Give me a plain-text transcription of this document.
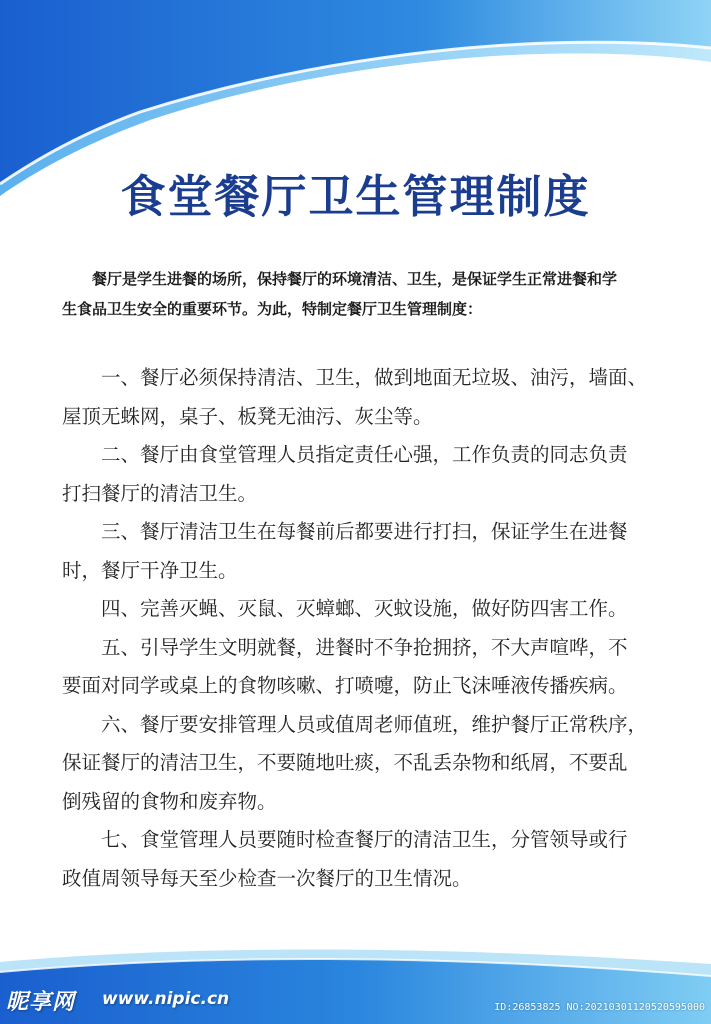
食堂餐厅卫生管理制度

餐厅是学生进餐的场所，保持餐厅的环境清洁、卫生，是保证学生正常进餐和学
生食品卫生安全的重要环节。为此，特制定餐厅卫生管理制度：

　　一、餐厅必须保持清洁、卫生，做到地面无垃圾、油污，墙面、
屋顶无蛛网，桌子、板凳无油污、灰尘等。
　　二、餐厅由食堂管理人员指定责任心强，工作负责的同志负责
打扫餐厅的清洁卫生。
　　三、餐厅清洁卫生在每餐前后都要进行打扫，保证学生在进餐
时，餐厅干净卫生。
　　四、完善灭蝇、灭鼠、灭蟑螂、灭蚊设施，做好防四害工作。
　　五、引导学生文明就餐，进餐时不争抢拥挤，不大声喧哗，不
要面对同学或桌上的食物咳嗽、打喷嚏，防止飞沫唾液传播疾病。
　　六、餐厅要安排管理人员或值周老师值班，维护餐厅正常秩序，
保证餐厅的清洁卫生，不要随地吐痰，不乱丢杂物和纸屑，不要乱
倒残留的食物和废弃物。
　　七、食堂管理人员要随时检查餐厅的清洁卫生，分管领导或行
政值周领导每天至少检查一次餐厅的卫生情况。
昵享网 www.nipic.cn	ID:26853825 NO:20210301120520595000
